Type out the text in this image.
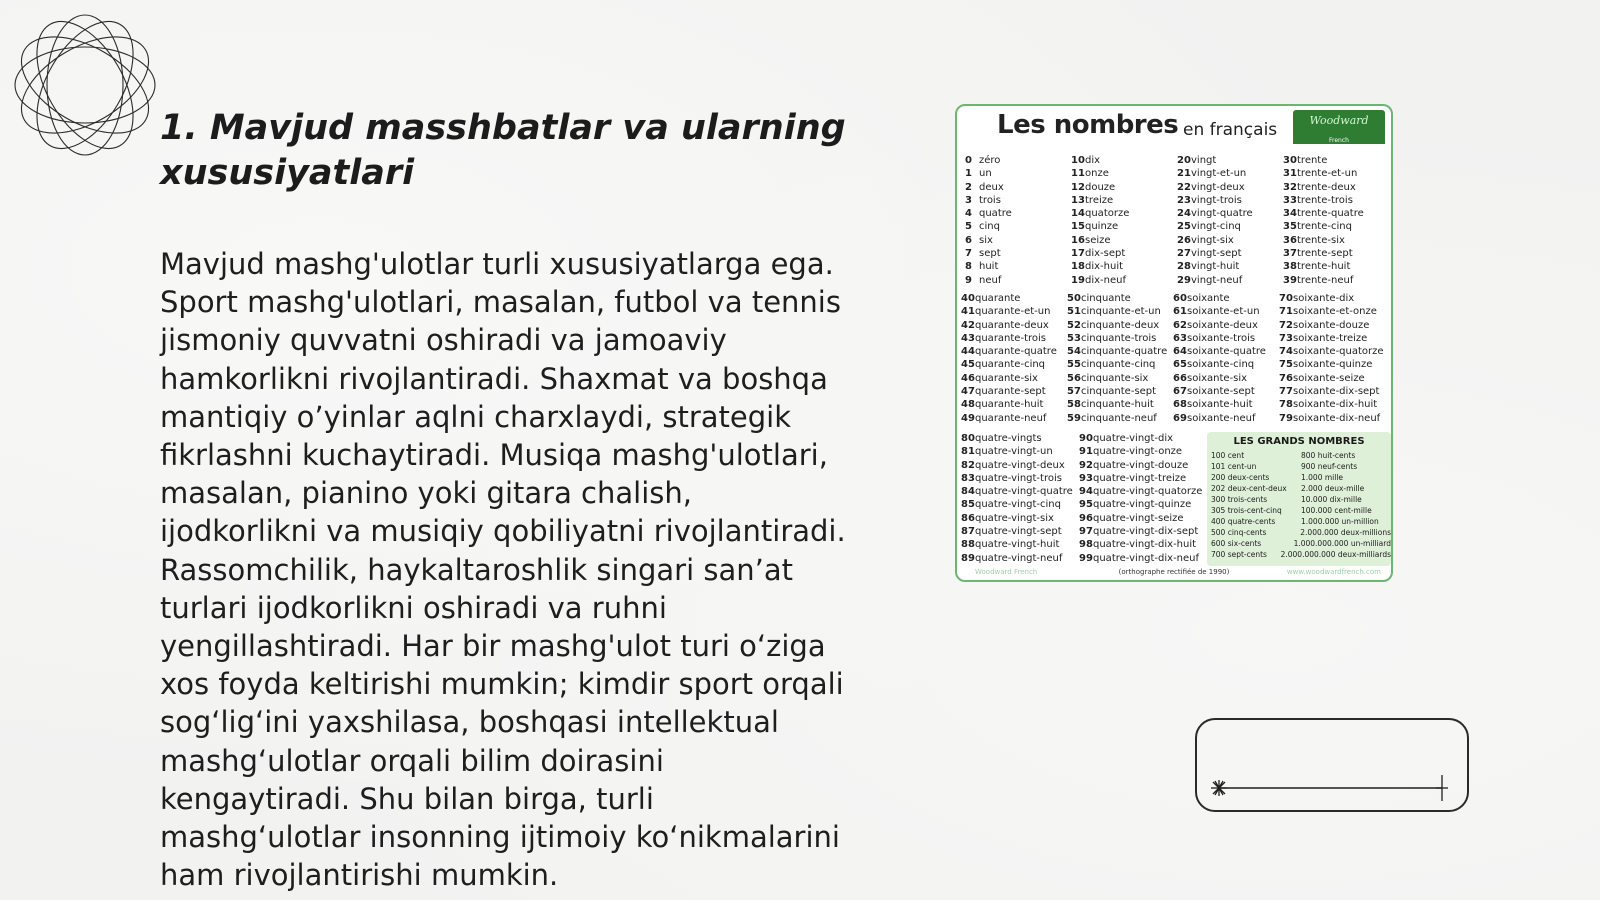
1. Mavjud masshbatlar va ularning xususiyatlari

Mavjud mashg'ulotlar turli xususiyatlarga ega. Sport mashg'ulotlari, masalan, futbol va tennis jismoniy quvvatni oshiradi va jamoaviy hamkorlikni rivojlantiradi. Shaxmat va boshqa mantiqiy o’yinlar aqlni charxlaydi, strategik fikrlashni kuchaytiradi. Musiqa mashg'ulotlari, masalan, pianino yoki gitara chalish, ijodkorlikni va musiqiy qobiliyatni rivojlantiradi. Rassomchilik, haykaltaroshlik singari san’at turlari ijodkorlikni oshiradi va ruhni yengillashtiradi. Har bir mashg'ulot turi o‘ziga xos foyda keltirishi mumkin; kimdir sport orqali sog‘lig‘ini yaxshilasa, boshqasi intellektual mashg‘ulotlar orqali bilim doirasini kengaytiradi. Shu bilan birga, turli mashg‘ulotlar insonning ijtimoiy ko‘nikmalarini ham rivojlantirishi mumkin.

Les nombres en français	Woodward
French
0 zéro	10dix	20vingt	30trente
1 un	11onze	21vingt-et-un	31trente-et-un
2 deux	12douze	22vingt-deux	32trente-deux
3 trois	13treize	23vingt-trois	33trente-trois
4 quatre	14quatorze	24vingt-quatre	34trente-quatre
5 cinq	15quinze	25vingt-cinq	35trente-cinq
6 six	16seize	26vingt-six	36trente-six
7 sept	17dix-sept	27vingt-sept	37trente-sept
8 huit	18dix-huit	28vingt-huit	38trente-huit
9 neuf	19dix-neuf	29vingt-neuf	39trente-neuf
40quarante	50cinquante	60soixante	70soixante-dix
41quarante-et-un	51cinquante-et-un	61soixante-et-un	71soixante-et-onze
42quarante-deux	52cinquante-deux	62soixante-deux	72soixante-douze
43quarante-trois	53cinquante-trois	63soixante-trois	73soixante-treize
44quarante-quatre	54cinquante-quatre 64soixante-quatre	74soixante-quatorze
45quarante-cinq	55cinquante-cinq	65soixante-cinq	75soixante-quinze
46quarante-six	56cinquante-six	66soixante-six	76soixante-seize
47quarante-sept	57cinquante-sept	67soixante-sept	77soixante-dix-sept
48quarante-huit	58cinquante-huit	68soixante-huit	78soixante-dix-huit
49quarante-neuf	59cinquante-neuf	69soixante-neuf	79soixante-dix-neuf
80quatre-vingts	90quatre-vingt-dix
81quatre-vingt-un	91quatre-vingt-onze
82quatre-vingt-deux	92quatre-vingt-douze
83quatre-vingt-trois	93quatre-vingt-treize
84quatre-vingt-quatre 94quatre-vingt-quatorze
85quatre-vingt-cinq	95quatre-vingt-quinze
86quatre-vingt-six	96quatre-vingt-seize
87quatre-vingt-sept	97quatre-vingt-dix-sept
88quatre-vingt-huit	98quatre-vingt-dix-huit
89quatre-vingt-neuf	99quatre-vingt-dix-neuf
LES GRANDS NOMBRES
100 cent	800 huit-cents
101 cent-un	900 neuf-cents
200 deux-cents	1.000 mille
202 deux-cent-deux	2.000 deux-mille
300 trois-cents	10.000 dix-mille
305 trois-cent-cinq	100.000 cent-mille
400 quatre-cents	1.000.000 un-million
500 cinq-cents	2.000.000 deux-millions
600 six-cents	1.000.000.000 un-milliard
700 sept-cents	2.000.000.000 deux-milliards
Woodward French	(orthographe rectifiée de 1990)	www.woodwardfrench.com
